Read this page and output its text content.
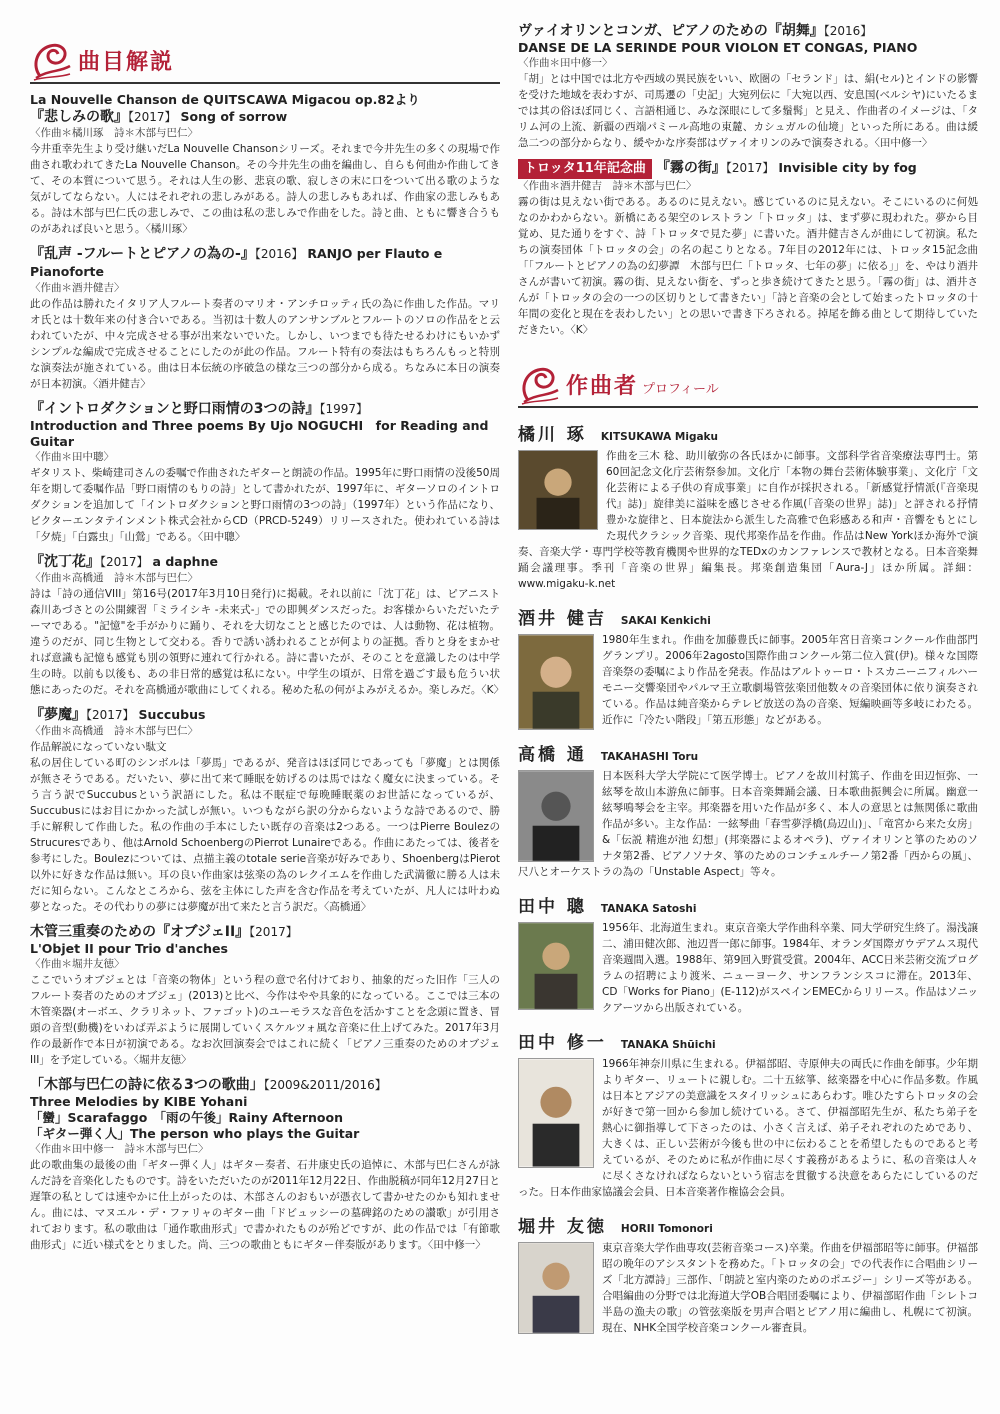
曲目解説
La Nouvelle Chanson de QUITSCAWA Migacou op.82より
『悲しみの歌』【2017】 Song of sorrow
〈作曲＊橘川琢　詩＊木部与巴仁〉
今井重幸先生より受け継いだLa Nouvelle Chansonシリーズ。それまで今井先生の多くの現場で作曲され歌われてきたLa Nouvelle Chanson。その今井先生の曲を編曲し、自らも何曲か作曲してきて、その本質について思う。それは人生の影、悲哀の歌、寂しさの末に口をついて出る歌のような気がしてならない。人にはそれぞれの悲しみがある。詩人の悲しみもあれば、作曲家の悲しみもある。詩は木部与巴仁氏の悲しみで、この曲は私の悲しみで作曲をした。詩と曲、ともに響き合うものがあれば良いと思う。〈橘川琢〉
『乱声 -フルートとピアノの為の-』【2016】 RANJO per Flauto e Pianoforte
〈作曲＊酒井健吉〉
此の作品は勝れたイタリア人フルート奏者のマリオ・アンチロッティ氏の為に作曲した作品。マリオ氏とは十数年来の付き合いである。当初は十数人のアンサンブルとフルートのソロの作品をと云われていたが、中々完成させる事が出来ないでいた。しかし、いつまでも待たせるわけにもいかずシンプルな編成で完成させることにしたのが此の作品。フルート特有の奏法はもちろんもっと特別な演奏法が施されている。曲は日本伝統の序破急の様な三つの部分から成る。ちなみに本日の演奏が日本初演。〈酒井健吉〉
『イントロダクションと野口雨情の3つの詩』【1997】
Introduction and Three poems By Ujo NOGUCHI　for Reading and Guitar
〈作曲＊田中聰〉
ギタリスト、柴崎建司さんの委嘱で作曲されたギターと朗読の作品。1995年に野口雨情の没後50周年を期して委嘱作品「野口雨情のもりの詩」として書かれたが、1997年に、ギターソロのイントロダクションを追加して「イントロダクションと野口雨情の3つの詩」（1997年）という作品になり、ビクターエンタテインメント株式会社からCD（PRCD-5249）リリースされた。使われている詩は「夕焼」「白露虫」「山鶯」である。〈田中聰〉
『沈丁花』【2017】 a daphne
〈作曲＊高橋通　詩＊木部与巴仁〉
詩は「詩の通信VIII」第16号(2017年3月10日発行)に掲載。それ以前に「沈丁花」は、ピアニスト森川あづさとの公開練習「ミライシキ -未来式-」での即興ダンスだった。お客様からいただいたテーマである。"記憶"を手がかりに踊り、それを大切なことと感じたのでは、人は動物、花は植物。違うのだが、同じ生物として交わる。香りで誘い誘われることが何よりの証拠。香りと身をまかせれば意識も記憶も感覚も別の領野に連れて行かれる。詩に書いたが、そのことを意識したのは中学生の時。以前も以後も、あの非日常的感覚は私にない。中学生の頃が、日常を過ごす最も危うい状態にあったのだ。それを高橋通が歌曲にしてくれる。秘めた私の何がよみがえるか。楽しみだ。〈K〉
『夢魔』【2017】 Succubus
〈作曲＊高橋通　詩＊木部与巴仁〉
作品解説になっていない駄文
私の居住している町のシンボルは「夢馬」であるが、発音はほぼ同じであっても「夢魔」とは関係が無さそうである。だいたい、夢に出て来て睡眠を妨げるのは馬ではなく魔女に決まっている。そう言う訳でSuccubusという訳語にした。私は不眠症で毎晩睡眠薬のお世話になっているが、Succubusにはお目にかかった試しが無い。いつもながら訳の分からないような詩であるので、勝手に解釈して作曲した。私の作曲の手本にしたい既存の音楽は2つある。一つはPierre BoulezのStrucuresであり、他はArnold SchoenbergのPierrot Lunaireである。作曲にあたっては、後者を参考にした。Boulezについては、点描主義のtotale serie音楽が好みであり、ShoenbergはPierot以外に好きな作品は無い。耳の良い作曲家は弦楽の為のレクイエムを作曲した武満徹に勝る人は未だに知らない。こんなところから、弦を主体にした声を含む作品を考えていたが、凡人には叶わぬ夢となった。その代わりの夢には夢魔が出て来たと言う訳だ。〈高橋通〉
木管三重奏のための『オブジェII』【2017】
L'Objet II pour Trio d'anches
〈作曲＊堀井友徳〉
ここでいうオブジェとは「音楽の物体」という程の意で名付けており、抽象的だった旧作「三人のフルート奏者のためのオブジェ」(2013)と比べ、今作はやや具象的になっている。ここでは三本の木管楽器(オーボエ、クラリネット、ファゴット)のユーモラスな音色を活かすことを念頭に置き、冒頭の音型(動機)をいわば弄ぶように展開していくスケルツォ風な音楽に仕上げてみた。2017年3月作の最新作で本日が初演である。なお次回演奏会ではこれに続く「ピアノ三重奏のためのオブジェIII」を予定している。〈堀井友徳〉
「木部与巴仁の詩に依る3つの歌曲」【2009&2011/2016】
Three Melodies by KIBE Yohani
「蠻」Scarafaggo　「雨の午後」Rainy Afternoon
「ギター弾く人」The person who plays the Guitar
〈作曲＊田中修一　詩＊木部与巴仁〉
此の歌曲集の最後の曲「ギター弾く人」はギター奏者、石井康史氏の追悼に、木部与巴仁さんが詠んだ詩を音楽化したものです。詩をいただいたのが2011年12月22日、作曲脱稿が同年12月27日と遅筆の私としては速やかに仕上がったのは、木部さんのおもいが憑衣して書かせたのかも知れません。曲には、マヌエル・デ・ファリャのギター曲「ドビュッシーの墓碑銘のための讃歌」が引用されております。私の歌曲は「通作歌曲形式」で書かれたものが殆どですが、此の作品では「有節歌曲形式」に近い様式をとりました。尚、三つの歌曲ともにギター伴奏版があります。〈田中修一〉
ヴァイオリンとコンガ、ピアノのための『胡舞』【2016】
DANSE DE LA SERINDE POUR VIOLON ET CONGAS, PIANO
〈作曲＊田中修一〉
「胡」とは中国では北方や西域の異民族をいい、欧圏の「セランド」は、絹(セル)とインドの影響を受けた地域を表わすが、司馬遷の「史記」大宛列伝に「大宛以西、安息国(ベルシヤ)にいたるまでは其の俗ほぼ同じく、言語相通じ、みな深眼にして多鬚髯」と見え、作曲者のイメージは、「タリム河の上流、新疆の西端パミール高地の東麓、カシュガルの仙境」といった所にある。曲は緩急二つの部分からなり、緩やかな序奏部はヴァイオリンのみで演奏される。〈田中修一〉
トロッタ11年記念曲 『霧の街』【2017】 Invisible city by fog
〈作曲＊酒井健吉　詩＊木部与巴仁〉
霧の街は見えない街である。あるのに見えない。感じているのに見えない。そこにいるのに何処なのかわからない。新橋にある架空のレストラン「トロッタ」は、まず夢に現われた。夢から目覚め、見た通りをすぐ、詩「トロッタで見た夢」に書いた。酒井健吉さんが曲にして初演。私たちの演奏団体「トロッタの会」の名の起こりとなる。7年目の2012年には、トロッタ15記念曲「「フルートとピアノの為の幻夢譚　木部与巴仁「トロッタ、七年の夢」に依る」」を、やはり酒井さんが書いて初演。霧の街、見えない街を、ずっと歩き続けてきたと思う。「霧の街」は、酒井さんが「トロッタの会の一つの区切りとして書きたい」「詩と音楽の会として始まったトロッタの十年間の変化と現在を表わしたい」との思いで書き下ろされる。掉尾を飾る曲として期待していただきたい。〈K〉
作曲者 プロフィール
橘川 琢 KITSUKAWA Migaku
作曲を三木 稔、助川敏弥の各氏ほかに師事。文部科学省音楽療法専門士。第60回記念文化庁芸術祭参加。文化庁「本物の舞台芸術体験事業」、文化庁「文化芸術による子供の育成事業」に自作が採択される。「新感覚抒情派(『音楽現代』誌)」旋律美に溢味を感じさせる作風(「音楽の世界」誌)」と評される抒情豊かな旋律と、日本旋法から派生した高雅で色彩感ある和声・音響をもとにした現代クラシック音楽、現代邦楽作品を作曲。作品はNew Yorkほか海外で演奏、音楽大学・専門学校等教育機関や世界的なTEDxのカンファレンスで教材となる。日本音楽舞踊会議理事。季刊「音楽の世界」編集長。邦楽創造集団「Aura-J」ほか所属。詳細：www.migaku-k.net
酒井 健吉 SAKAI Kenkichi
1980年生まれ。作曲を加藤豊氏に師事。2005年宮日音楽コンクール作曲部門グランプリ。2006年2agosto国際作曲コンクール第二位入賞(伊)。様々な国際音楽祭の委嘱により作品を発表。作品はアルトゥーロ・トスカニーニフィルハーモニー交響楽団やパルマ王立歌劇場管弦楽団他数々の音楽団体に依り演奏されている。作品は純音楽からテレビ放送の為の音楽、短編映画等多岐にわたる。近作に「冷たい階段」「第五形態」などがある。
高橋 通 TAKAHASHI Toru
日本医科大学大学院にて医学博士。ピアノを故川村篤子、作曲を田辺恒弥、一絃琴を故山本游魚に師事。日本音楽舞踊会議、日本歌曲振興会に所属。幽意一絃琴鳴琴会を主宰。邦楽器を用いた作品が多く、本人の意思とは無関係に歌曲作品が多い。主な作品：一絃琴曲「春雪夢浮橋(鳥辺山)」、「竜宮から来た女房」&「伝説 精進が池 幻想」(邦楽器によるオペラ)、ヴァイオリンと箏のためのソナタ第2番、ピアノソナタ、箏のためのコンチェルチーノ第2番「西からの風」、尺八とオーケストラの為の「Unstable Aspect」等々。
田中 聰 TANAKA Satoshi
1956年、北海道生まれ。東京音楽大学作曲科卒業、同大学研究生終了。湯浅譲二、浦田健次郎、池辺晋一郎に師事。1984年、オランダ国際ガウデアムス現代音楽週間入選。1988年、第9回入野賞受賞。2004年、ACC日米芸術交流プログラムの招聘により渡米、ニューヨーク、サンフランシスコに滞在。2013年、CD「Works for Piano」(E-112)がスペインEMECからリリース。作品はソニックアーツから出版されている。
田中 修一 TANAKA Shūichi
1966年神奈川県に生まれる。伊福部昭、寺原伸夫の両氏に作曲を師事。少年期よりギター、リュートに親しむ。二十五絃箏、絃楽器を中心に作品多数。作風は日本とアジアの美意識をスタイリッシュにあらわす。唯ひたすらトロッタの会が好きで第一回から参加し続けている。さて、伊福部昭先生が、私たち弟子を熱心に御指導して下さったのは、小さく言えば、弟子それぞれのためであり、大きくは、正しい芸術が今後も世の中に伝わることを希望したものであると考えているが、そのために私が作曲に尽くす義務があるように、私の音楽は人々に尽くさなければならないという宿志を貫徹する決意をあらたにしているのだった。日本作曲家協議会会員、日本音楽著作権協会会員。
堀井 友徳 HORII Tomonori
東京音楽大学作曲専攻(芸術音楽コース)卒業。作曲を伊福部昭等に師事。伊福部昭の晩年のアシスタントを務めた。「トロッタの会」での代表作に合唱曲シリーズ「北方譚詩」三部作、「朗読と室内楽のためのポエジー」シリーズ等がある。合唱編曲の分野では北海道大学OB合唱団委嘱により、伊福部昭作曲「シレトコ半島の漁夫の歌」の管弦楽版を男声合唱とピアノ用に編曲し、札幌にて初演。現在、NHK全国学校音楽コンクール審査員。
